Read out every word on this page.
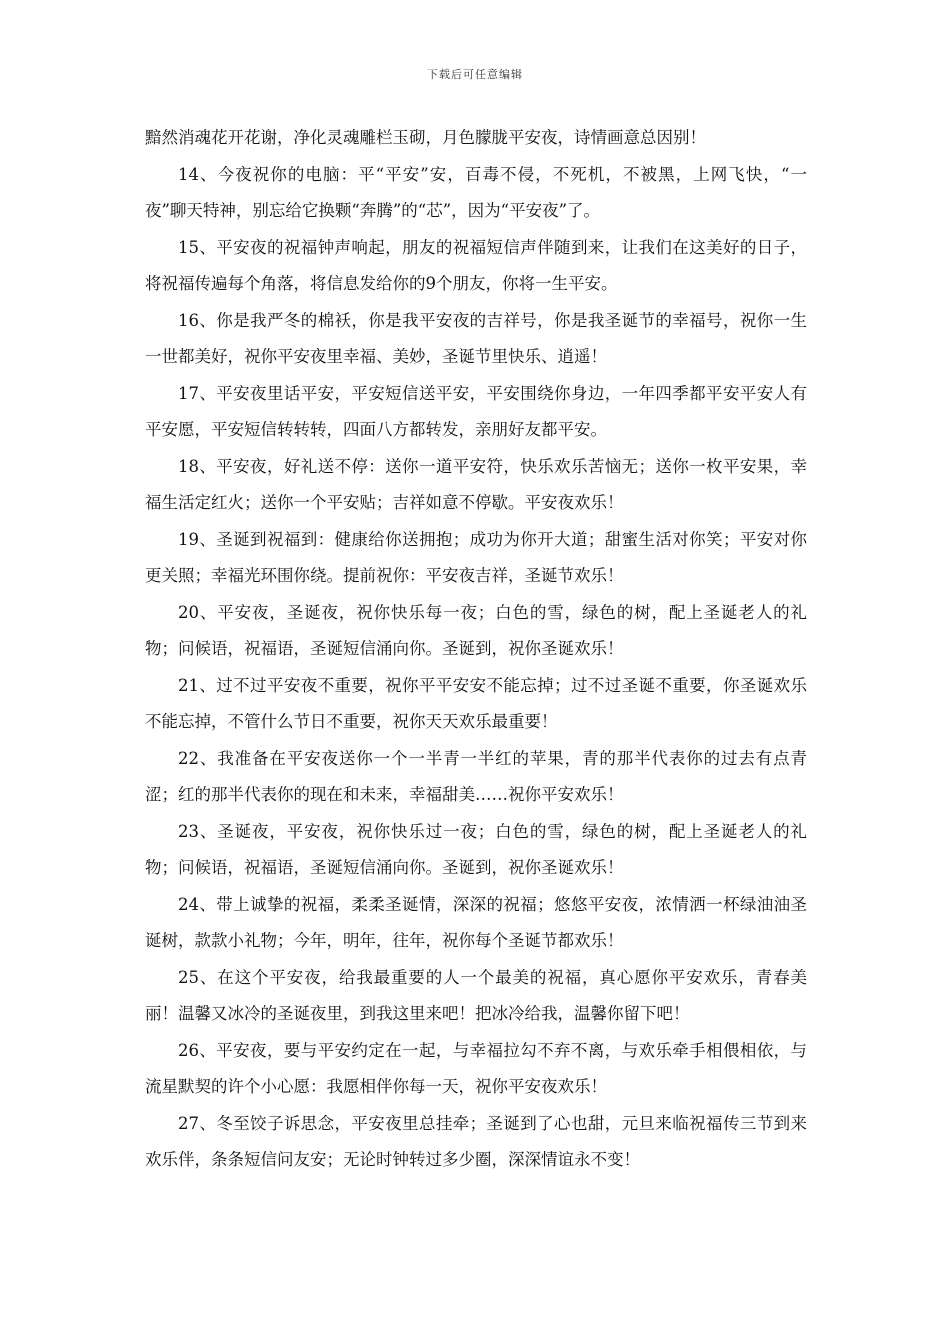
下载后可任意编辑

黯然消魂花开花谢，净化灵魂雕栏玉砌，月色朦胧平安夜，诗情画意总因别！

14、今夜祝你的电脑：平“平安”安，百毒不侵，不死机，不被黑，上网飞快，“一夜”聊天特神，别忘给它换颗“奔腾”的“芯”，因为“平安夜”了。

15、平安夜的祝福钟声响起，朋友的祝福短信声伴随到来，让我们在这美好的日子，将祝福传遍每个角落，将信息发给你的9个朋友，你将一生平安。

16、你是我严冬的棉袄，你是我平安夜的吉祥号，你是我圣诞节的幸福号，祝你一生一世都美好，祝你平安夜里幸福、美妙，圣诞节里快乐、逍遥！

17、平安夜里话平安，平安短信送平安，平安围绕你身边，一年四季都平安平安人有平安愿，平安短信转转转，四面八方都转发，亲朋好友都平安。

18、平安夜，好礼送不停：送你一道平安符，快乐欢乐苦恼无；送你一枚平安果，幸福生活定红火；送你一个平安贴；吉祥如意不停歇。平安夜欢乐！

19、圣诞到祝福到：健康给你送拥抱；成功为你开大道；甜蜜生活对你笑；平安对你更关照；幸福光环围你绕。提前祝你：平安夜吉祥，圣诞节欢乐！

20、平安夜，圣诞夜，祝你快乐每一夜；白色的雪，绿色的树，配上圣诞老人的礼物；问候语，祝福语，圣诞短信涌向你。圣诞到，祝你圣诞欢乐！

21、过不过平安夜不重要，祝你平平安安不能忘掉；过不过圣诞不重要，你圣诞欢乐不能忘掉，不管什么节日不重要，祝你天天欢乐最重要！

22、我准备在平安夜送你一个一半青一半红的苹果，青的那半代表你的过去有点青涩；红的那半代表你的现在和未来，幸福甜美……祝你平安欢乐！

23、圣诞夜，平安夜，祝你快乐过一夜；白色的雪，绿色的树，配上圣诞老人的礼物；问候语，祝福语，圣诞短信涌向你。圣诞到，祝你圣诞欢乐！

24、带上诚挚的祝福，柔柔圣诞情，深深的祝福；悠悠平安夜，浓情洒一杯绿油油圣诞树，款款小礼物；今年，明年，往年，祝你每个圣诞节都欢乐！

25、在这个平安夜，给我最重要的人一个最美的祝福，真心愿你平安欢乐，青春美丽！温馨又冰冷的圣诞夜里，到我这里来吧！把冰冷给我，温馨你留下吧！

26、平安夜，要与平安约定在一起，与幸福拉勾不弃不离，与欢乐牵手相偎相依，与流星默契的许个小心愿：我愿相伴你每一天，祝你平安夜欢乐！

27、冬至饺子诉思念，平安夜里总挂牵；圣诞到了心也甜，元旦来临祝福传三节到来欢乐伴，条条短信问友安；无论时钟转过多少圈，深深情谊永不变！
